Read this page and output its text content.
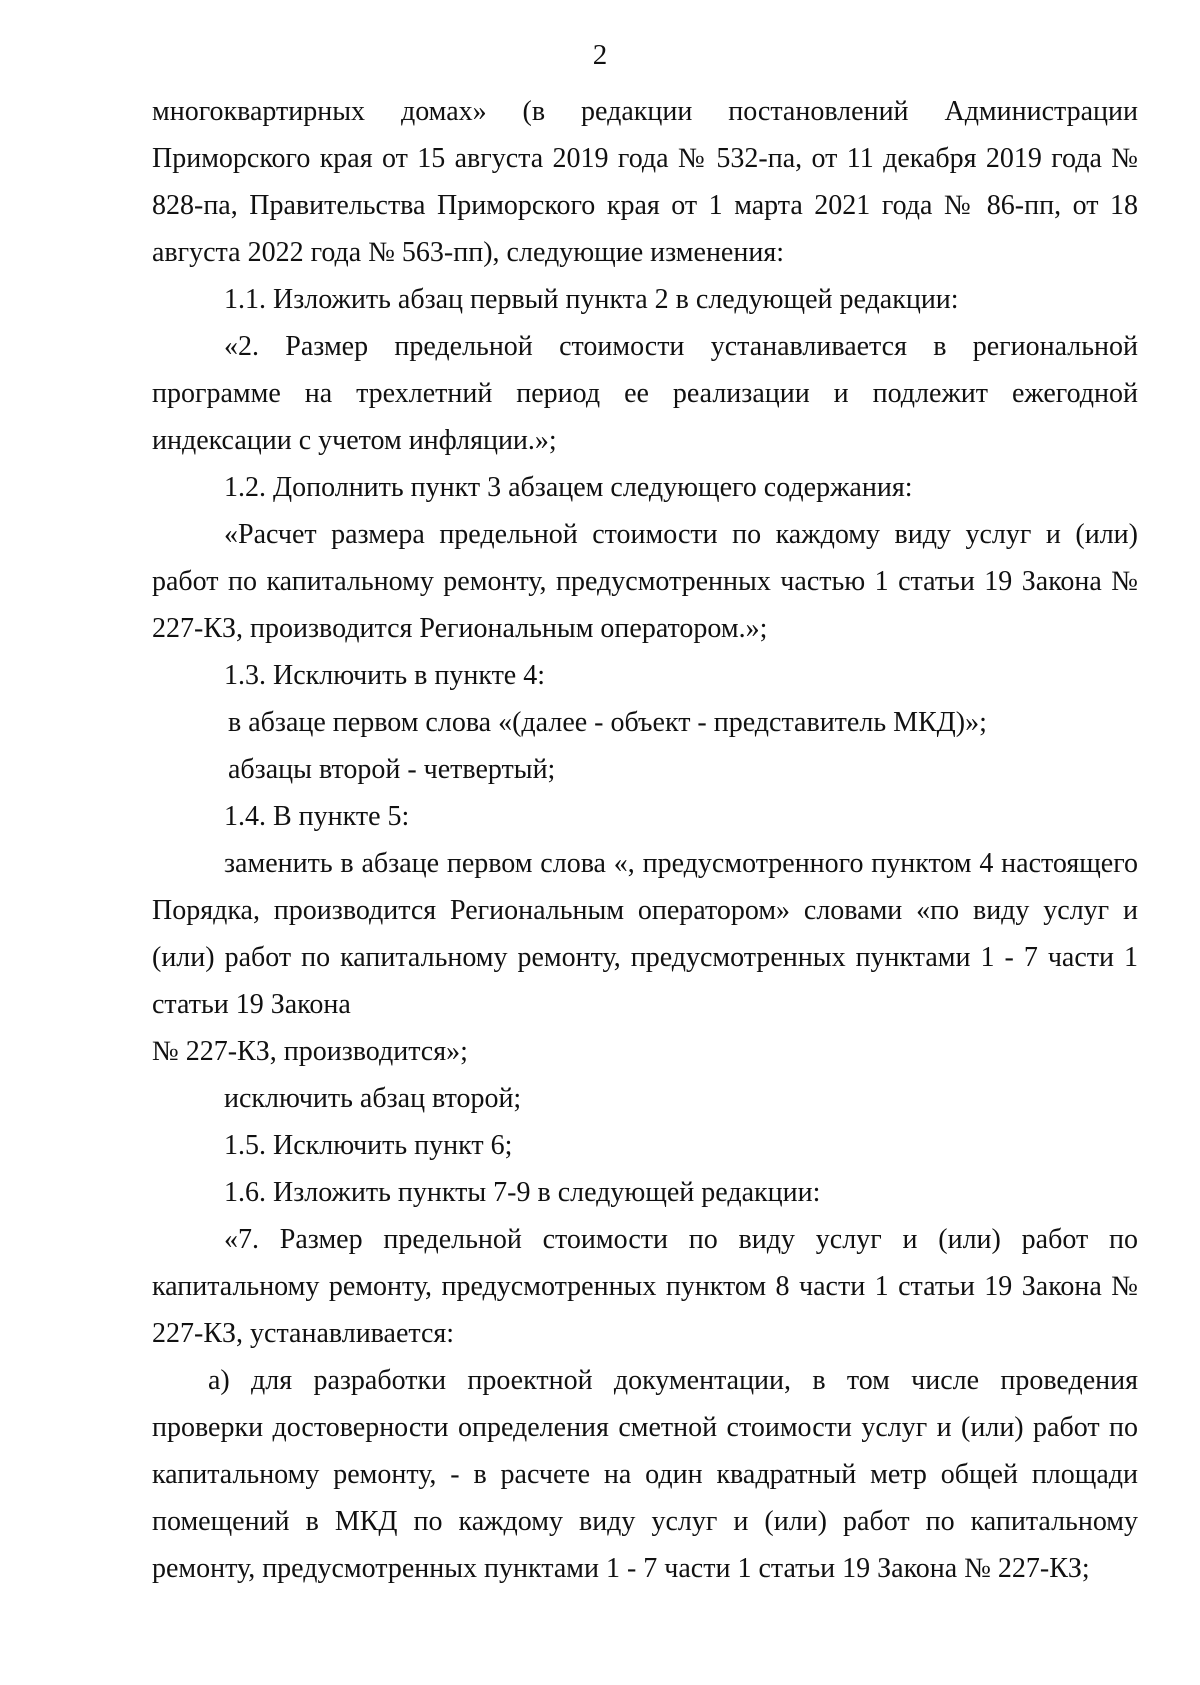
2

многоквартирных домах» (в редакции постановлений Администрации Приморского края от 15 августа 2019 года № 532-па, от 11 декабря 2019 года № 828-па, Правительства Приморского края от 1 марта 2021 года № 86-пп, от 18 августа 2022 года № 563-пп), следующие изменения:

1.1. Изложить абзац первый пункта 2 в следующей редакции:

«2. Размер предельной стоимости устанавливается в региональной программе на трехлетний период ее реализации и подлежит ежегодной индексации с учетом инфляции.»;

1.2. Дополнить пункт 3 абзацем следующего содержания:

«Расчет размера предельной стоимости по каждому виду услуг и (или) работ по капитальному ремонту, предусмотренных частью 1 статьи 19 Закона № 227-КЗ, производится Региональным оператором.»;

1.3. Исключить в пункте 4:

в абзаце первом слова «(далее - объект - представитель МКД)»;

абзацы второй - четвертый;

1.4. В пункте 5:

заменить в абзаце первом слова «, предусмотренного пунктом 4 настоящего Порядка, производится Региональным оператором» словами «по виду услуг и (или) работ по капитальному ремонту, предусмотренных пунктами 1 - 7 части 1 статьи 19 Закона

№ 227-КЗ, производится»;

исключить абзац второй;

1.5. Исключить пункт 6;

1.6. Изложить пункты 7-9 в следующей редакции:

«7. Размер предельной стоимости по виду услуг и (или) работ по капитальному ремонту, предусмотренных пунктом 8 части 1 статьи 19 Закона № 227-КЗ, устанавливается:

а) для разработки проектной документации, в том числе проведения проверки достоверности определения сметной стоимости услуг и (или) работ по капитальному ремонту, - в расчете на один квадратный метр общей площади помещений в МКД по каждому виду услуг и (или) работ по капитальному ремонту, предусмотренных пунктами 1 - 7 части 1 статьи 19 Закона № 227-КЗ;
